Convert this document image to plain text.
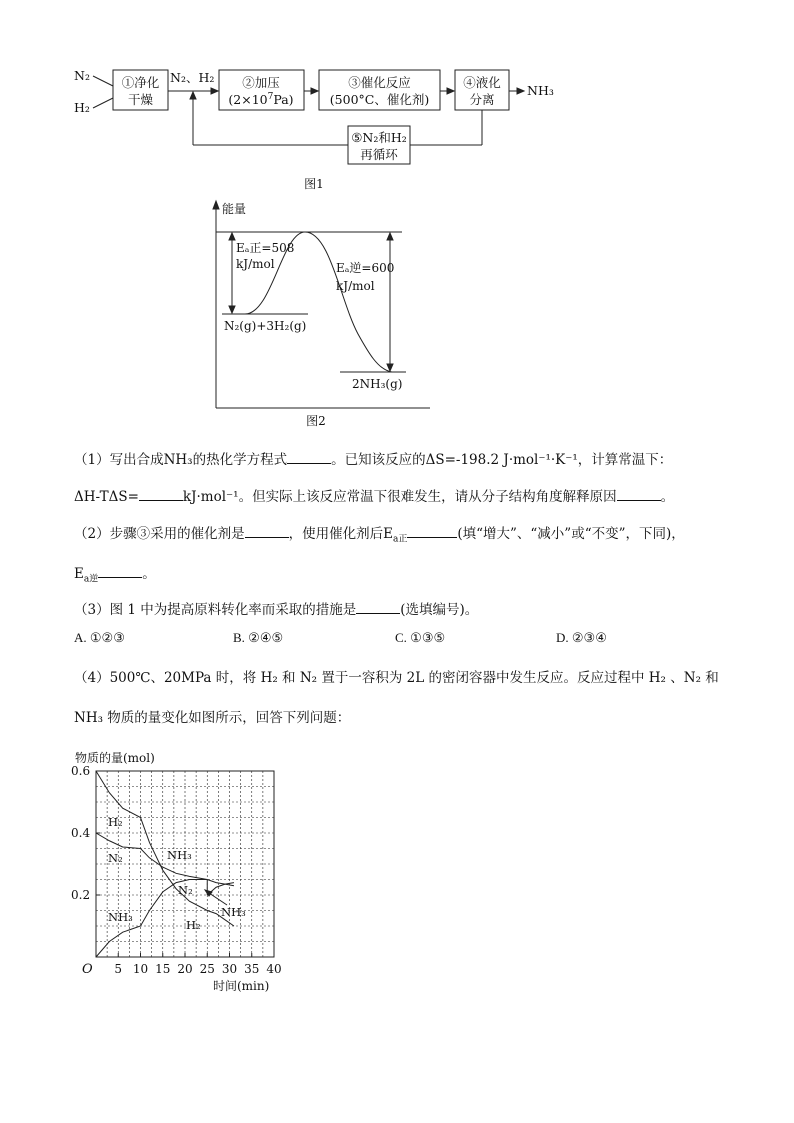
N₂
H₂
①净化
干燥
N₂、H₂ ②加压
$(2\times 10^7Pa)$
③催化反应
(500°C、催化剂)
④液化
分离
NH₃
⑤N₂和H₂
再循环
图1
能量
Eₐ正=508
kJ/mol	Eₐ逆=600
kJ/mol
N₂(g)+3H₂(g)
2NH₃(g)
图2
（1）写出合成NH₃的热化学方程式	。已知该反应的ΔS=-198.2 J·mol⁻¹·K⁻¹，计算常温下：
ΔH-TΔS=	kJ·mol⁻¹。但实际上该反应常温下很难发生，请从分子结构角度解释原因	。
（2）步骤③采用的催化剂是	，使用催化剂后$E_{a正}$	(填“增大”、“减小”或“不变”，下同)，
$E_{a逆}$	。
（3）图 1 中为提高原料转化率而采取的措施是	(选填编号)。
A. ①②③	B. ②④⑤	C. ①③⑤	D. ②③④
（4）500℃、20MPa 时，将 H₂ 和 N₂ 置于一容积为 2L 的密闭容器中发生反应。反应过程中 H₂ 、N₂ 和
NH₃ 物质的量变化如图所示，回答下列问题：
物质的量(mol)
时间(min)
O 5 10 15 20 25 30 35 40
0.2
0.4
0.6
H₂
N₂	NH₃
NH₃
N₂
NH₃
H₂
